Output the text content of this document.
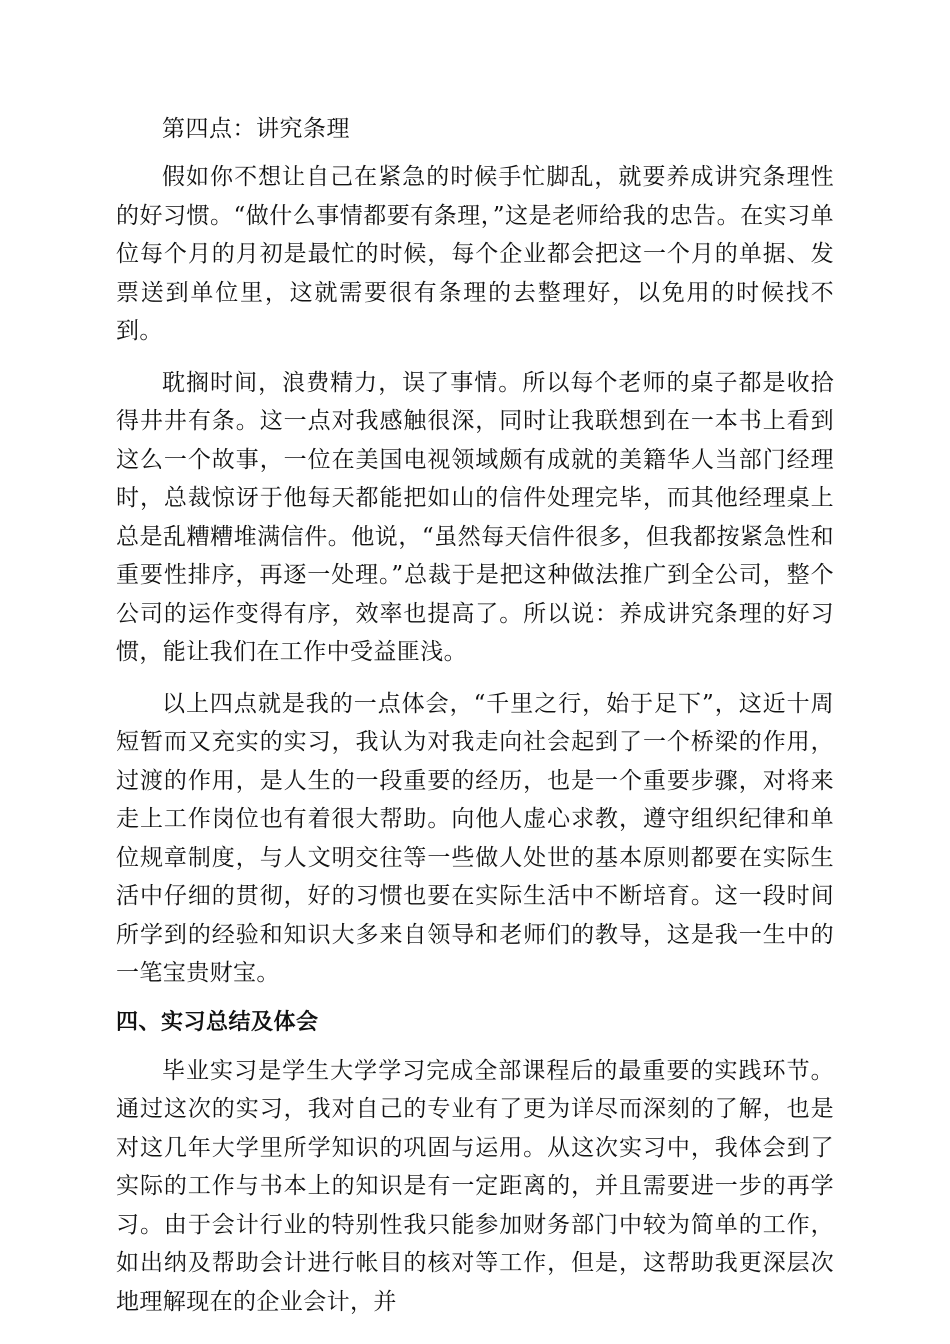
第四点：讲究条理

假如你不想让自己在紧急的时候手忙脚乱，就要养成讲究条理性的好习惯。“做什么事情都要有条理，”这是老师给我的忠告。在实习单位每个月的月初是最忙的时候，每个企业都会把这一个月的单据、发票送到单位里，这就需要很有条理的去整理好，以免用的时候找不到。

耽搁时间，浪费精力，误了事情。所以每个老师的桌子都是收拾得井井有条。这一点对我感触很深，同时让我联想到在一本书上看到这么一个故事，一位在美国电视领域颇有成就的美籍华人当部门经理时，总裁惊讶于他每天都能把如山的信件处理完毕，而其他经理桌上总是乱糟糟堆满信件。他说，“虽然每天信件很多，但我都按紧急性和重要性排序，再逐一处理。”总裁于是把这种做法推广到全公司，整个公司的运作变得有序，效率也提高了。所以说：养成讲究条理的好习惯，能让我们在工作中受益匪浅。

以上四点就是我的一点体会，“千里之行，始于足下”，这近十周短暂而又充实的实习，我认为对我走向社会起到了一个桥梁的作用，过渡的作用，是人生的一段重要的经历，也是一个重要步骤，对将来走上工作岗位也有着很大帮助。向他人虚心求教，遵守组织纪律和单位规章制度，与人文明交往等一些做人处世的基本原则都要在实际生活中仔细的贯彻，好的习惯也要在实际生活中不断培育。这一段时间所学到的经验和知识大多来自领导和老师们的教导，这是我一生中的一笔宝贵财宝。

四、实习总结及体会

毕业实习是学生大学学习完成全部课程后的最重要的实践环节。通过这次的实习，我对自己的专业有了更为详尽而深刻的了解，也是对这几年大学里所学知识的巩固与运用。从这次实习中，我体会到了实际的工作与书本上的知识是有一定距离的，并且需要进一步的再学习。由于会计行业的特别性我只能参加财务部门中较为简单的工作，如出纳及帮助会计进行帐目的核对等工作，但是，这帮助我更深层次地理解现在的企业会计，并
